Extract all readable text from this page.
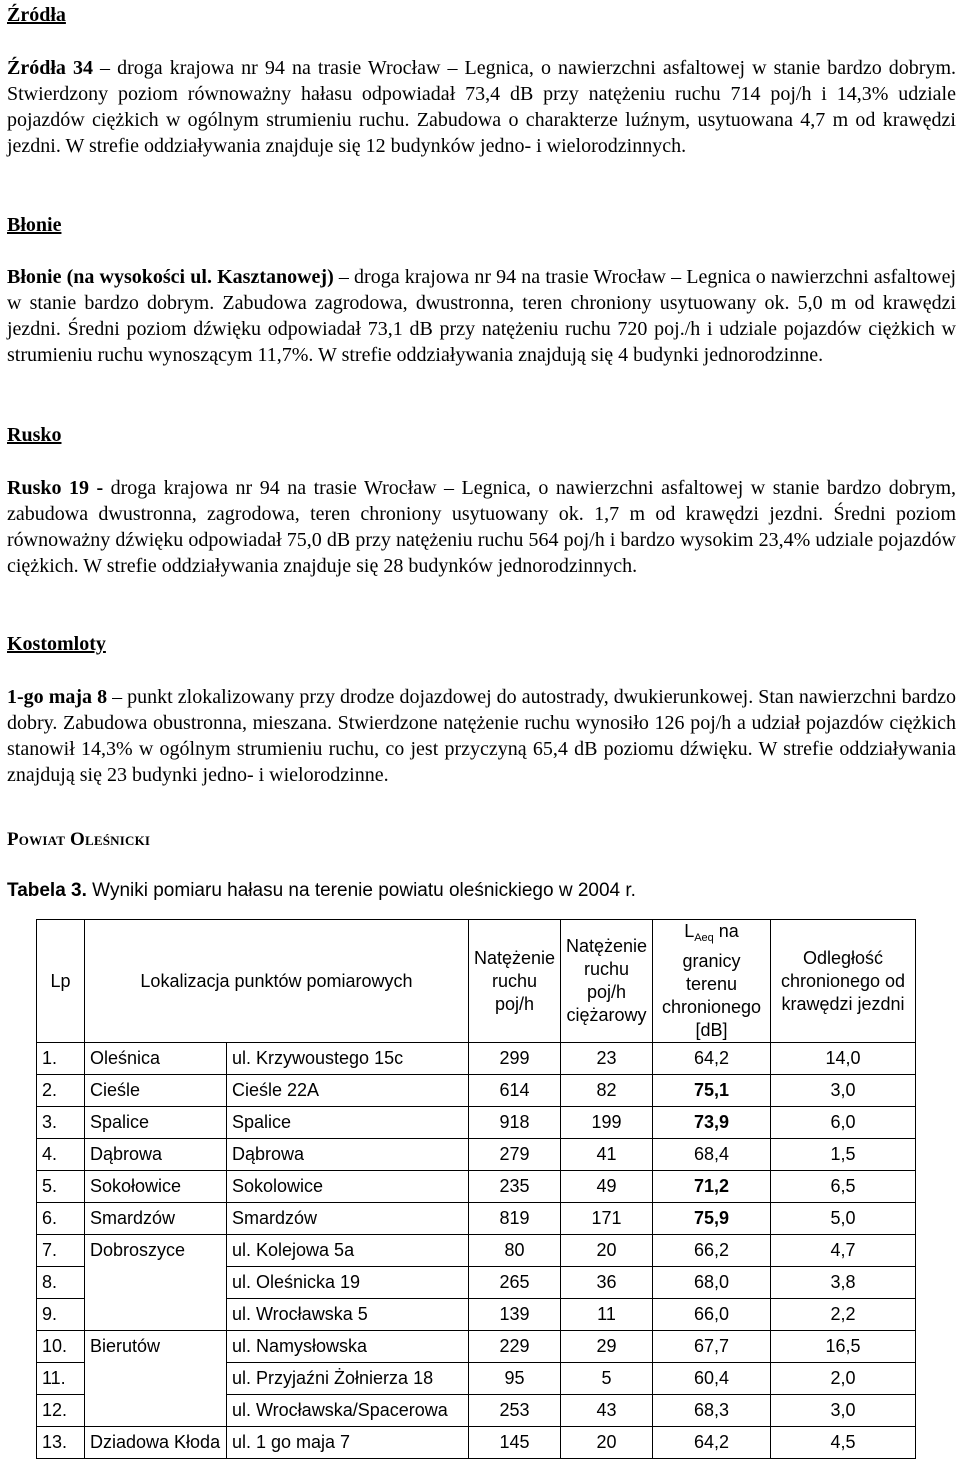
Źródła

Źródła 34 – droga krajowa nr 94 na trasie Wrocław – Legnica, o nawierzchni asfaltowej w stanie bardzo dobrym. Stwierdzony poziom równoważny hałasu odpowiadał 73,4 dB przy natężeniu ruchu 714 poj/h i 14,3% udziale pojazdów ciężkich w ogólnym strumieniu ruchu. Zabudowa o charakterze luźnym, usytuowana 4,7 m od krawędzi jezdni. W strefie oddziaływania znajduje się 12 budynków jedno- i wielorodzinnych.

Błonie

Błonie (na wysokości ul. Kasztanowej) – droga krajowa nr 94 na trasie Wrocław – Legnica o nawierzchni asfaltowej w stanie bardzo dobrym. Zabudowa zagrodowa, dwustronna, teren chroniony usytuowany ok. 5,0 m od krawędzi jezdni. Średni poziom dźwięku odpowiadał 73,1 dB przy natężeniu ruchu 720 poj./h i udziale pojazdów ciężkich w strumieniu ruchu wynoszącym 11,7%. W strefie oddziaływania znajdują się 4 budynki jednorodzinne.

Rusko

Rusko 19 - droga krajowa nr 94 na trasie Wrocław – Legnica, o nawierzchni asfaltowej w stanie bardzo dobrym, zabudowa dwustronna, zagrodowa, teren chroniony usytuowany ok. 1,7 m od krawędzi jezdni. Średni poziom równoważny dźwięku odpowiadał 75,0 dB przy natężeniu ruchu 564 poj/h i bardzo wysokim 23,4% udziale pojazdów ciężkich. W strefie oddziaływania znajduje się 28 budynków jednorodzinnych.

Kostomloty

1-go maja 8 – punkt zlokalizowany przy drodze dojazdowej do autostrady, dwukierunkowej. Stan nawierzchni bardzo dobry. Zabudowa obustronna, mieszana. Stwierdzone natężenie ruchu wynosiło 126 poj/h a udział pojazdów ciężkich stanowił 14,3% w ogólnym strumieniu ruchu, co jest przyczyną 65,4 dB poziomu dźwięku. W strefie oddziaływania znajdują się 23 budynki jedno- i wielorodzinne.

Powiat Oleśnicki

Tabela 3. Wyniki pomiaru hałasu na terenie powiatu oleśnickiego w 2004 r.

Lp	Lokalizacja punktów pomiarowych		Natężenie ruchu poj/h	Natężenie ruchu poj/h ciężarowy	$L_{Aeq}$ na granicy terenu chronionego [dB]	Odległość chronionego od krawędzi jezdni
1.	Oleśnica	ul. Krzywoustego 15c	299	23	64,2	14,0
2.	Cieśle	Cieśle 22A	614	82	75,1	3,0
3.	Spalice	Spalice	918	199	73,9	6,0
4.	Dąbrowa	Dąbrowa	279	41	68,4	1,5
5.	Sokołowice	Sokolowice	235	49	71,2	6,5
6.	Smardzów	Smardzów	819	171	75,9	5,0
7.	Dobroszyce	ul. Kolejowa 5a	80	20	66,2	4,7
8.		ul. Oleśnicka 19	265	36	68,0	3,8
9.		ul. Wrocławska 5	139	11	66,0	2,2
10.	Bierutów	ul. Namysłowska	229	29	67,7	16,5
11.		ul. Przyjaźni Żołnierza 18	95	5	60,4	2,0
12.		ul. Wrocławska/Spacerowa	253	43	68,3	3,0
13.	Dziadowa Kłoda	ul. 1 go maja 7	145	20	64,2	4,5
